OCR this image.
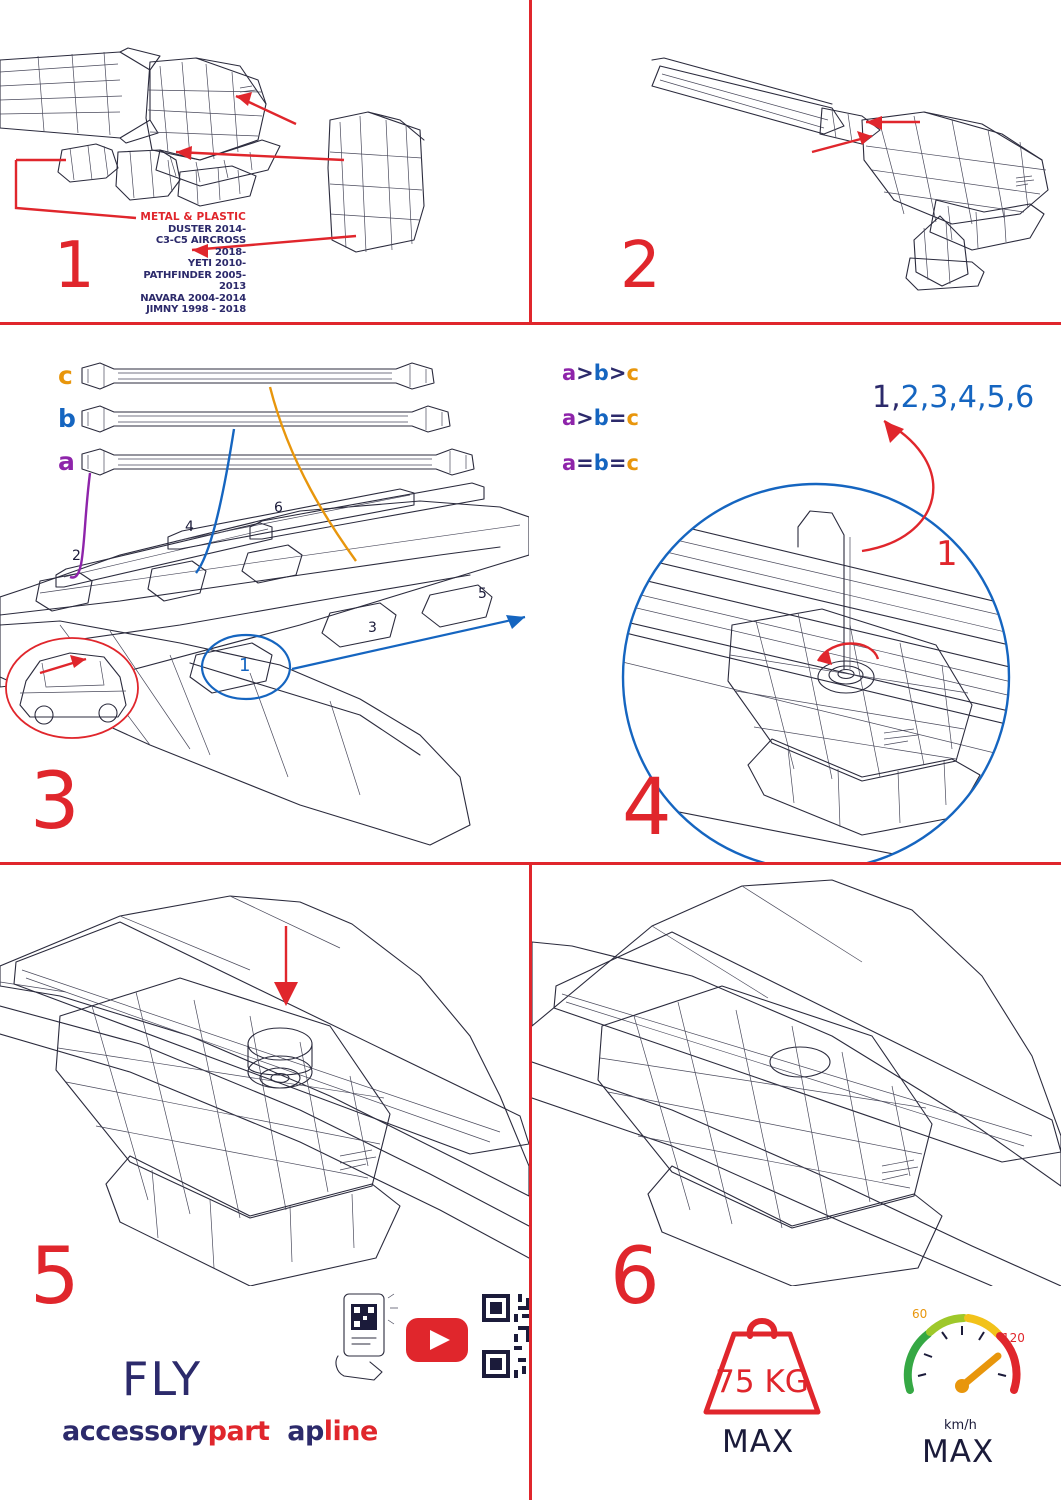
METAL & PLASTIC
DUSTER 2014-
C3-C5 AIRCROSS 2018-
YETI 2010-
PATHFINDER 2005-2013
NAVARA 2004-2014
JIMNY 1998 - 2018
1	2
c
b
a
2
4
6
3
5
1
3
a>b>c
a>b=c
a=b=c
1,2,3,4,5,6
1
4
5
FLY
accessorypart apline
6
75 KG
MAX
60
120
km/h
MAX
